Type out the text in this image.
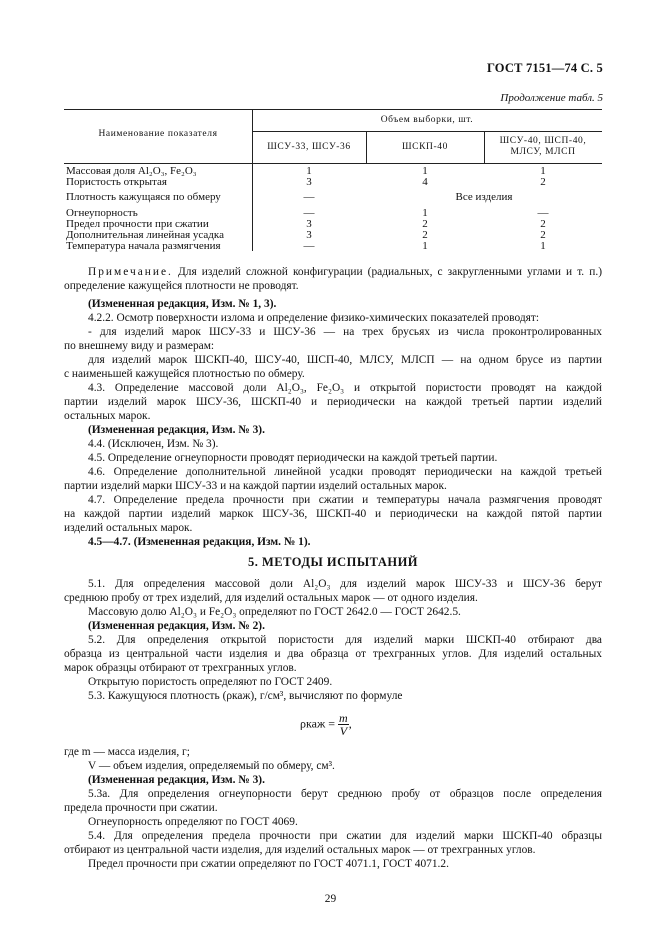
ГОСТ 7151—74 С. 5
Продолжение табл. 5
Наименование показателя
Объем выборки, шт.
ШСУ-33, ШСУ-36	ШСКП-40
ШСУ-40, ШСП-40,
МЛСУ, МЛСП
Массовая доля Al₂O₃, Fe₂O₃	1	1	1
Пористость открытая	3	4	2
Плотность кажущаяся по обмеру	—	Все изделия
Огнеупорность	—	1	—
Предел прочности при сжатии	3	2	2
Дополнительная линейная усадка	3	2	2
Температура начала размягчения	—	1	1
Примечание. Для изделий сложной конфигурации (радиальных, с закругленными углами и т. п.)
определение кажущейся плотности не проводят.
(Измененная редакция, Изм. № 1, 3).
4.2.2. Осмотр поверхности излома и определение физико-химических показателей проводят:
- для изделий марок ШСУ-33 и ШСУ-36 — на трех брусьях из числа проконтролированных
по внешнему виду и размерам:
для изделий марок ШСКП-40, ШСУ-40, ШСП-40, МЛСУ, МЛСП — на одном брусе из партии
с наименьшей кажущейся плотностью по обмеру.
4.3. Определение массовой доли Al₂O₃, Fe₂O₃ и открытой пористости проводят на каждой
партии изделий марок ШСУ-36, ШСКП-40 и периодически на каждой третьей партии изделий
остальных марок.
(Измененная редакция, Изм. № 3).
4.4. (Исключен, Изм. № 3).
4.5. Определение огнеупорности проводят периодически на каждой третьей партии.
4.6. Определение дополнительной линейной усадки проводят периодически на каждой третьей
партии изделий марки ШСУ-33 и на каждой партии изделий остальных марок.
4.7. Определение предела прочности при сжатии и температуры начала размягчения проводят
на каждой партии изделий маркок ШСУ-36, ШСКП-40 и периодически на каждой пятой партии
изделий остальных марок.
4.5—4.7. (Измененная редакция, Изм. № 1).
5. МЕТОДЫ ИСПЫТАНИЙ
5.1. Для определения массовой доли Al₂O₃ для изделий марок ШСУ-33 и ШСУ-36 берут
среднюю пробу от трех изделий, для изделий остальных марок — от одного изделия.
Массовую долю Al₂O₃ и Fe₂O₃ определяют по ГОСТ 2642.0 — ГОСТ 2642.5.
(Измененная редакция, Изм. № 2).
5.2. Для определения открытой пористости для изделий марки ШСКП-40 отбирают два
образца из центральной части изделия и два образца от трехгранных углов. Для изделий остальных
марок образцы отбирают от трехгранных углов.
Открытую пористость определяют по ГОСТ 2409.
5.3. Кажущуюся плотность (ρкаж), г/см³, вычисляют по формуле
$\rho каж = \frac{m}{V}$ ,
где m — масса изделия, г;
V — объем изделия, определяемый по обмеру, см³.
(Измененная редакция, Изм. № 3).
5.3а. Для определения огнеупорности берут среднюю пробу от образцов после определения
предела прочности при сжатии.
Огнеупорность определяют по ГОСТ 4069.
5.4. Для определения предела прочности при сжатии для изделий марки ШСКП-40 образцы
отбирают из центральной части изделия, для изделий остальных марок — от трехгранных углов.
Предел прочности при сжатии определяют по ГОСТ 4071.1, ГОСТ 4071.2.
29
